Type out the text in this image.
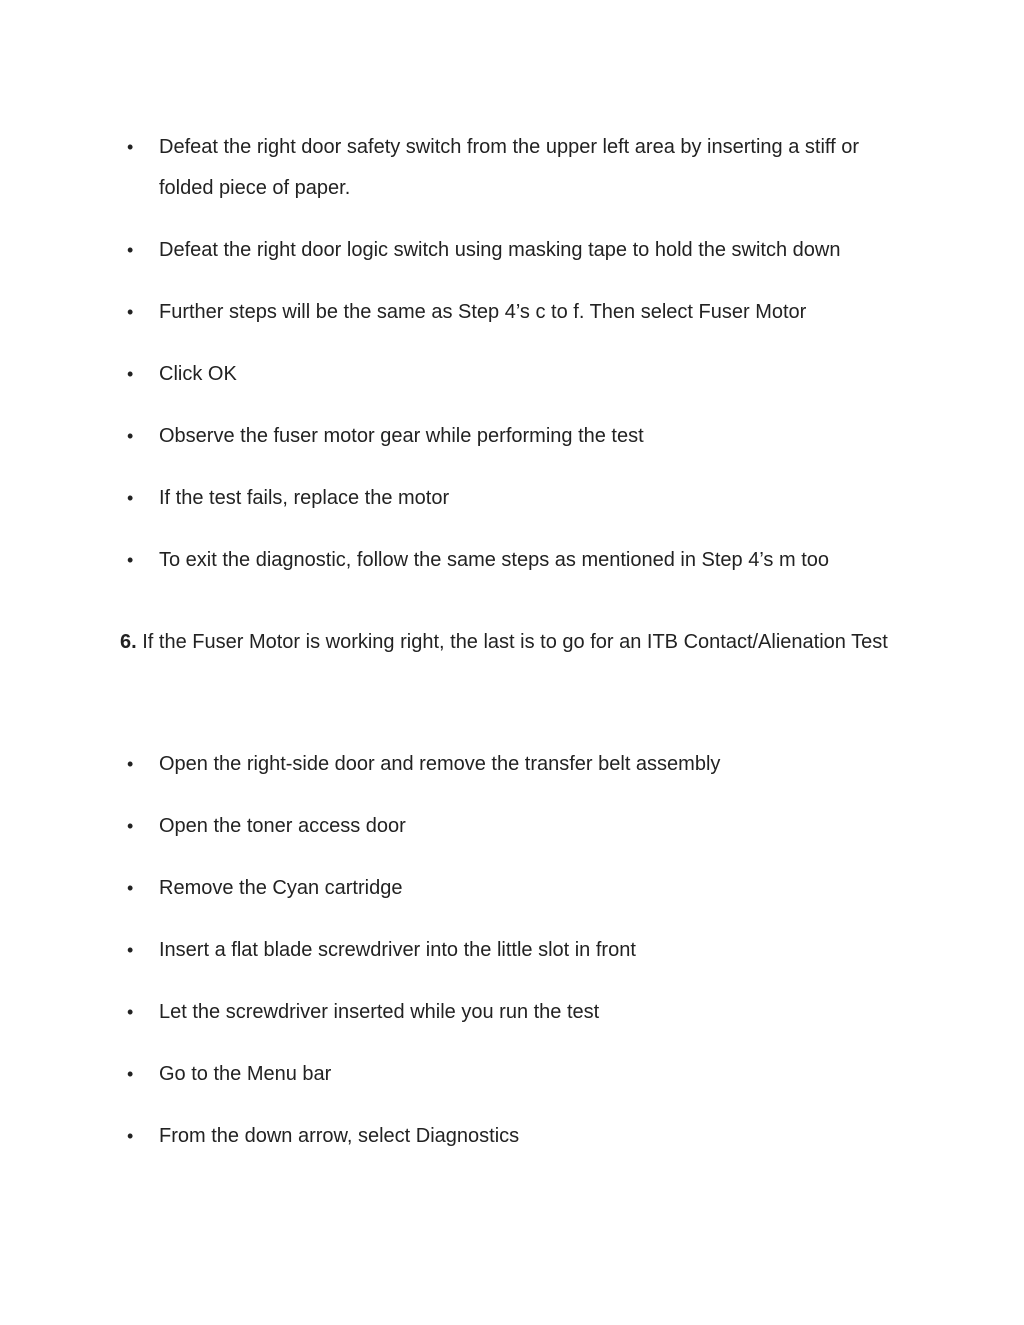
• Defeat the right door safety switch from the upper left area by inserting a stiff or folded piece of paper.
• Defeat the right door logic switch using masking tape to hold the switch down
• Further steps will be the same as Step 4’s c to f. Then select Fuser Motor
• Click OK
• Observe the fuser motor gear while performing the test
• If the test fails, replace the motor
• To exit the diagnostic, follow the same steps as mentioned in Step 4’s m too

6. If the Fuser Motor is working right, the last is to go for an ITB Contact/Alienation Test

• Open the right-side door and remove the transfer belt assembly
• Open the toner access door
• Remove the Cyan cartridge
• Insert a flat blade screwdriver into the little slot in front
• Let the screwdriver inserted while you run the test
• Go to the Menu bar
• From the down arrow, select Diagnostics
